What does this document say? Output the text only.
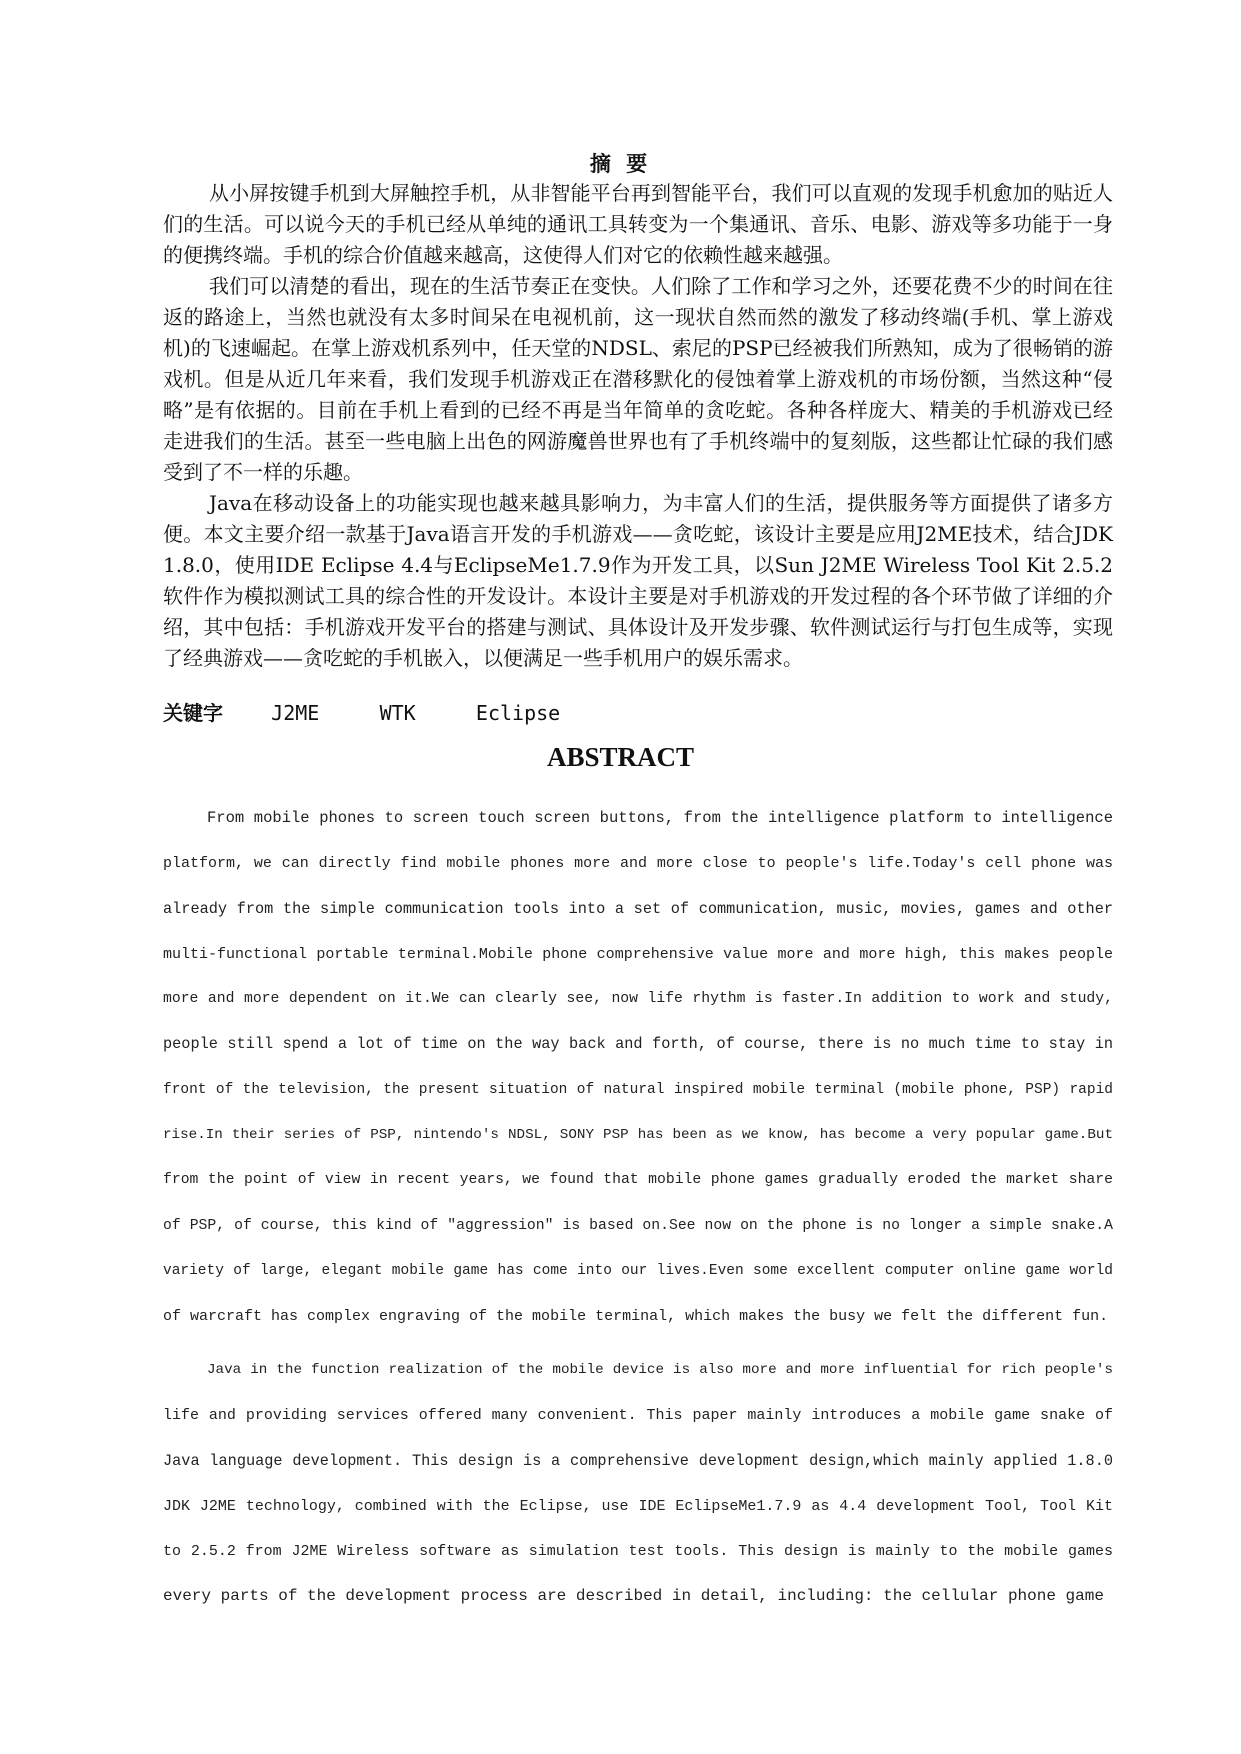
摘 要

从小屏按键手机到大屏触控手机，从非智能平台再到智能平台，我们可以直观的发现手机愈加的贴近人们的生活。可以说今天的手机已经从单纯的通讯工具转变为一个集通讯、音乐、电影、游戏等多功能于一身的便携终端。手机的综合价值越来越高，这使得人们对它的依赖性越来越强。

我们可以清楚的看出，现在的生活节奏正在变快。人们除了工作和学习之外，还要花费不少的时间在往返的路途上，当然也就没有太多时间呆在电视机前，这一现状自然而然的激发了移动终端(手机、掌上游戏机)的飞速崛起。在掌上游戏机系列中，任天堂的NDSL、索尼的PSP已经被我们所熟知，成为了很畅销的游戏机。但是从近几年来看，我们发现手机游戏正在潜移默化的侵蚀着掌上游戏机的市场份额，当然这种“侵略”是有依据的。目前在手机上看到的已经不再是当年简单的贪吃蛇。各种各样庞大、精美的手机游戏已经走进我们的生活。甚至一些电脑上出色的网游魔兽世界也有了手机终端中的复刻版，这些都让忙碌的我们感受到了不一样的乐趣。

Java在移动设备上的功能实现也越来越具影响力，为丰富人们的生活，提供服务等方面提供了诸多方便。本文主要介绍一款基于Java语言开发的手机游戏——贪吃蛇，该设计主要是应用J2ME技术，结合JDK 1.8.0，使用IDE Eclipse 4.4与EclipseMe1.7.9作为开发工具，以Sun J2ME Wireless Tool Kit 2.5.2软件作为模拟测试工具的综合性的开发设计。本设计主要是对手机游戏的开发过程的各个环节做了详细的介绍，其中包括：手机游戏开发平台的搭建与测试、具体设计及开发步骤、软件测试运行与打包生成等，实现了经典游戏——贪吃蛇的手机嵌入，以便满足一些手机用户的娱乐需求。

关键字 J2ME	WTK	Eclipse
ABSTRACT
From mobile phones to screen touch screen buttons, from the intelligence platform to intelligence
platform, we can directly find mobile phones more and more close to people's life.Today's cell phone was
already from the simple communication tools into a set of communication, music, movies, games and other
multi-functional portable terminal.Mobile phone comprehensive value more and more high, this makes people
more and more dependent on it.We can clearly see, now life rhythm is faster.In addition to work and study,
people still spend a lot of time on the way back and forth, of course, there is no much time to stay in
front of the television, the present situation of natural inspired mobile terminal (mobile phone, PSP) rapid
rise.In their series of PSP, nintendo's NDSL, SONY PSP has been as we know, has become a very popular game.But
from the point of view in recent years, we found that mobile phone games gradually eroded the market share
of PSP, of course, this kind of "aggression" is based on.See now on the phone is no longer a simple snake.A
variety of large, elegant mobile game has come into our lives.Even some excellent computer online game world
of warcraft has complex engraving of the mobile terminal, which makes the busy we felt the different fun.
Java in the function realization of the mobile device is also more and more influential for rich people's
life and providing services offered many convenient. This paper mainly introduces a mobile game snake of
Java language development. This design is a comprehensive development design,which mainly applied 1.8.0
JDK J2ME technology, combined with the Eclipse, use IDE EclipseMe1.7.9 as 4.4 development Tool, Tool Kit
to 2.5.2 from J2ME Wireless software as simulation test tools. This design is mainly to the mobile games
every parts of the development process are described in detail, including: the cellular phone game
